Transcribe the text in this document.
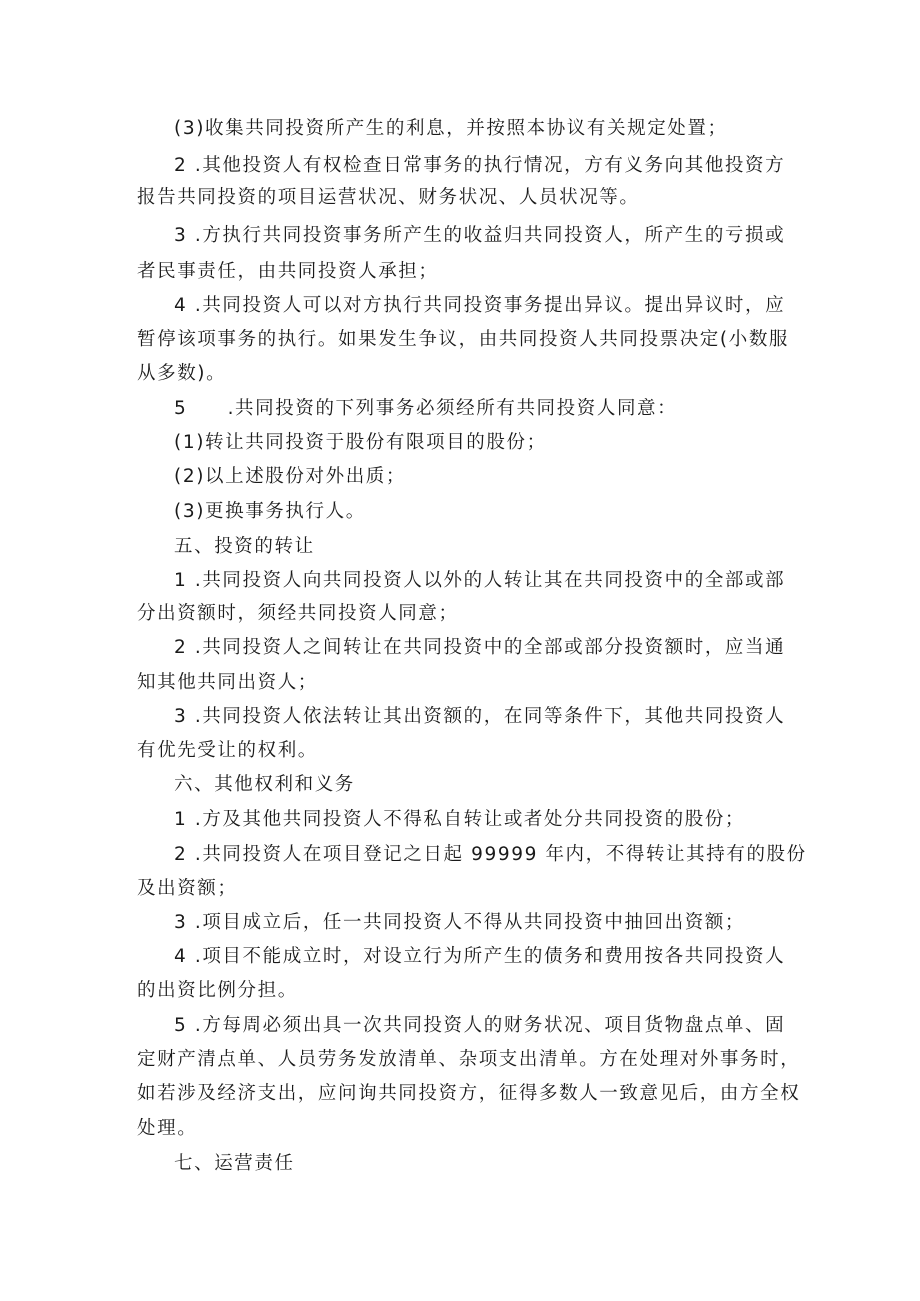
(3)收集共同投资所产生的利息，并按照本协议有关规定处置；
2 .其他投资人有权检查日常事务的执行情况，方有义务向其他投资方
报告共同投资的项目运营状况、财务状况、人员状况等。
3 .方执行共同投资事务所产生的收益归共同投资人，所产生的亏损或
者民事责任，由共同投资人承担；
4 .共同投资人可以对方执行共同投资事务提出异议。提出异议时，应
暂停该项事务的执行。如果发生争议，由共同投资人共同投票决定(小数服
从多数)。
5　　.共同投资的下列事务必须经所有共同投资人同意：
(1)转让共同投资于股份有限项目的股份；
(2)以上述股份对外出质；
(3)更换事务执行人。
五、投资的转让
1 .共同投资人向共同投资人以外的人转让其在共同投资中的全部或部
分出资额时，须经共同投资人同意；
2 .共同投资人之间转让在共同投资中的全部或部分投资额时，应当通
知其他共同出资人；
3 .共同投资人依法转让其出资额的，在同等条件下，其他共同投资人
有优先受让的权利。
六、其他权利和义务
1 .方及其他共同投资人不得私自转让或者处分共同投资的股份；
2 .共同投资人在项目登记之日起 99999 年内，不得转让其持有的股份
及出资额；
3 .项目成立后，任一共同投资人不得从共同投资中抽回出资额；
4 .项目不能成立时，对设立行为所产生的债务和费用按各共同投资人
的出资比例分担。
5 .方每周必须出具一次共同投资人的财务状况、项目货物盘点单、固
定财产清点单、人员劳务发放清单、杂项支出清单。方在处理对外事务时，
如若涉及经济支出，应问询共同投资方，征得多数人一致意见后，由方全权
处理。
七、运营责任
